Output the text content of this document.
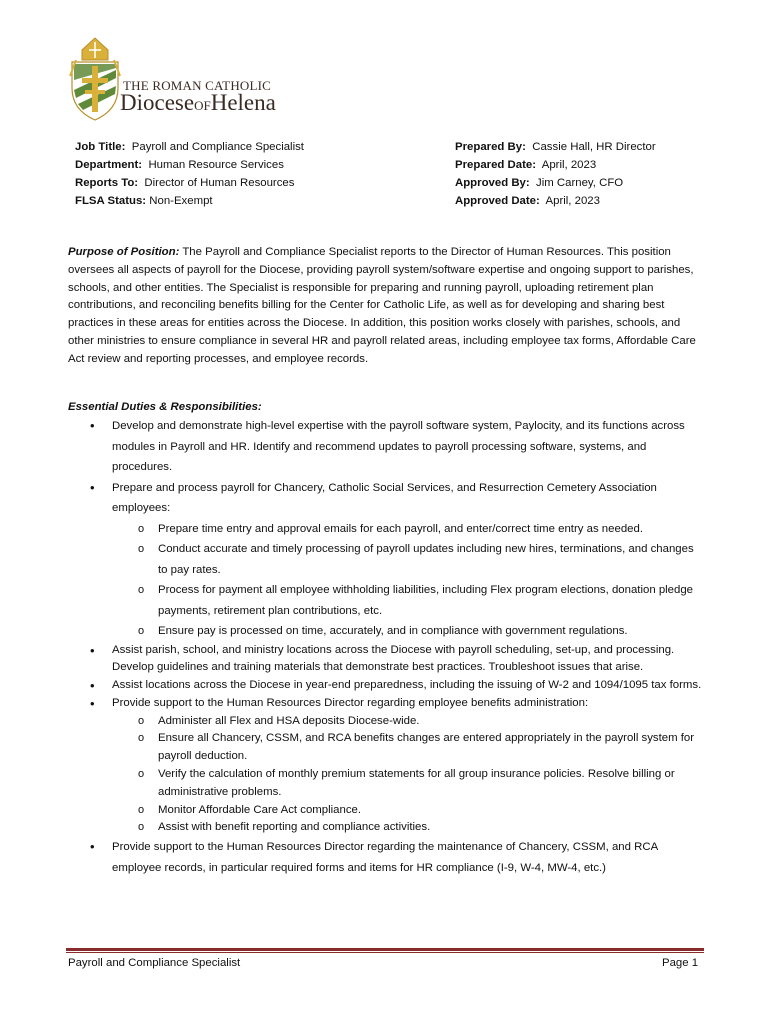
THE ROMAN CATHOLIC
DioceseOFHelena
Job Title: Payroll and Compliance Specialist
Department: Human Resource Services
Reports To: Director of Human Resources
FLSA Status: Non-Exempt
Prepared By: Cassie Hall, HR Director
Prepared Date: April, 2023
Approved By: Jim Carney, CFO
Approved Date: April, 2023
Purpose of Position: The Payroll and Compliance Specialist reports to the Director of Human Resources. This position oversees all aspects of payroll for the Diocese, providing payroll system/software expertise and ongoing support to parishes, schools, and other entities. The Specialist is responsible for preparing and running payroll, uploading retirement plan contributions, and reconciling benefits billing for the Center for Catholic Life, as well as for developing and sharing best practices in these areas for entities across the Diocese. In addition, this position works closely with parishes, schools, and other ministries to ensure compliance in several HR and payroll related areas, including employee tax forms, Affordable Care Act review and reporting processes, and employee records.
Essential Duties & Responsibilities:
• Develop and demonstrate high-level expertise with the payroll software system, Paylocity, and its functions across modules in Payroll and HR. Identify and recommend updates to payroll processing software, systems, and procedures.
• Prepare and process payroll for Chancery, Catholic Social Services, and Resurrection Cemetery Association employees:
o Prepare time entry and approval emails for each payroll, and enter/correct time entry as needed.
o Conduct accurate and timely processing of payroll updates including new hires, terminations, and changes to pay rates.
o Process for payment all employee withholding liabilities, including Flex program elections, donation pledge payments, retirement plan contributions, etc.
o Ensure pay is processed on time, accurately, and in compliance with government regulations.
• Assist parish, school, and ministry locations across the Diocese with payroll scheduling, set-up, and processing. Develop guidelines and training materials that demonstrate best practices. Troubleshoot issues that arise.
• Assist locations across the Diocese in year-end preparedness, including the issuing of W-2 and 1094/1095 tax forms.
• Provide support to the Human Resources Director regarding employee benefits administration:
o Administer all Flex and HSA deposits Diocese-wide.
o Ensure all Chancery, CSSM, and RCA benefits changes are entered appropriately in the payroll system for payroll deduction.
o Verify the calculation of monthly premium statements for all group insurance policies. Resolve billing or administrative problems.
o Monitor Affordable Care Act compliance.
o Assist with benefit reporting and compliance activities.
• Provide support to the Human Resources Director regarding the maintenance of Chancery, CSSM, and RCA employee records, in particular required forms and items for HR compliance (I-9, W-4, MW-4, etc.)
Payroll and Compliance Specialist	Page 1
